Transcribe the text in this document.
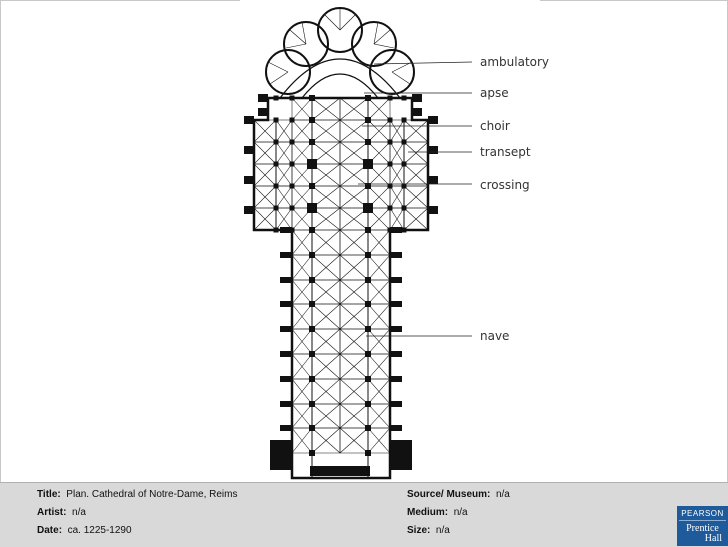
ambulatory
apse
choir
transept
crossing
nave
Title: Plan. Cathedral of Notre-Dame, Reims
Artist: n/a
Date: ca. 1225-1290
Source/ Museum: n/a
Medium: n/a
Size: n/a
PEARSON
Prentice
Hall
